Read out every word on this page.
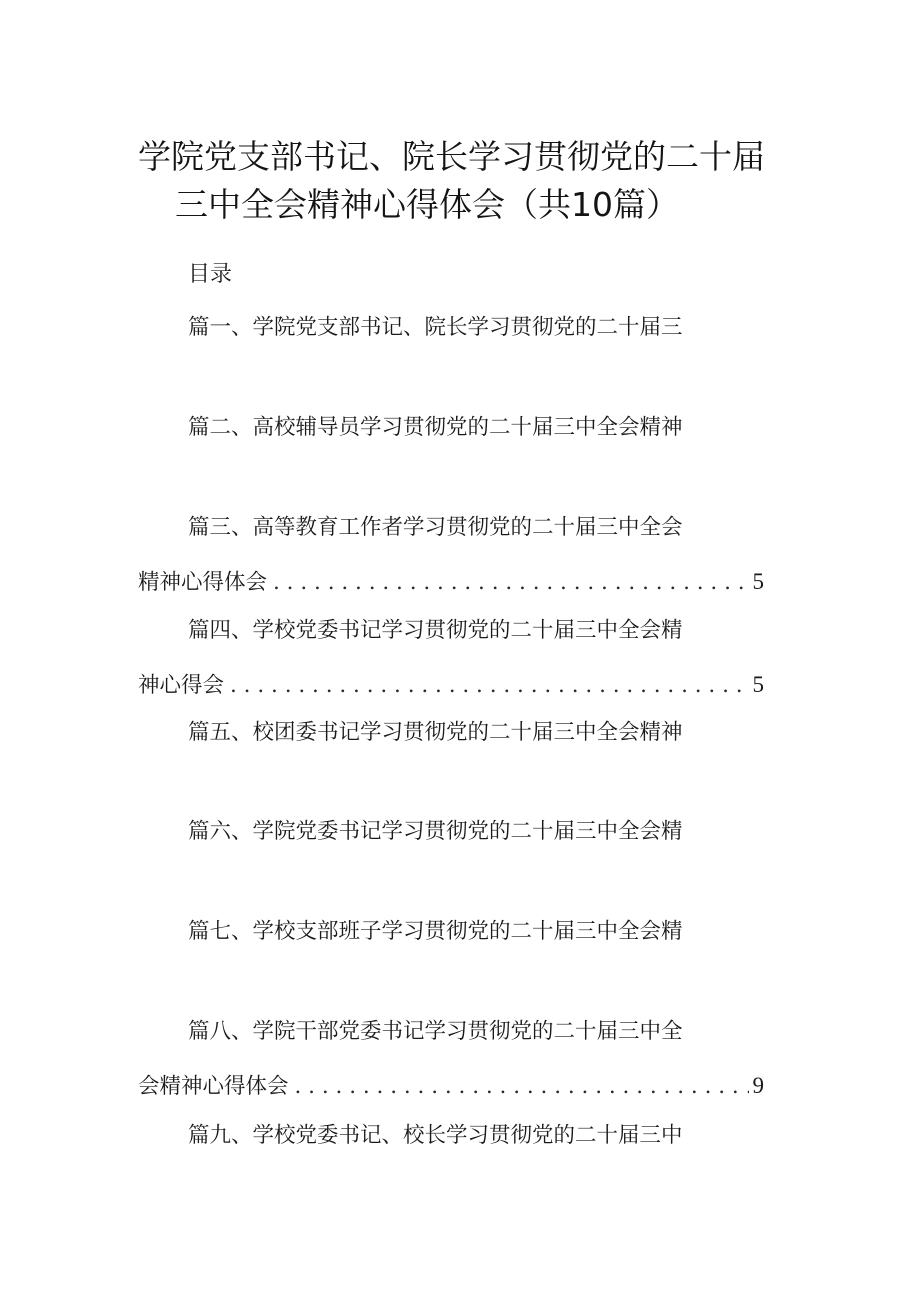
学院党支部书记、院长学习贯彻党的二十届
三中全会精神心得体会（共10篇）
目录
篇一、学院党支部书记、院长学习贯彻党的二十届三
篇二、高校辅导员学习贯彻党的二十届三中全会精神
篇三、高等教育工作者学习贯彻党的二十届三中全会
精神心得体会 . . .	5
篇四、学校党委书记学习贯彻党的二十届三中全会精
神心得会 . . .	5
篇五、校团委书记学习贯彻党的二十届三中全会精神
篇六、学院党委书记学习贯彻党的二十届三中全会精
篇七、学校支部班子学习贯彻党的二十届三中全会精
篇八、学院干部党委书记学习贯彻党的二十届三中全
会精神心得体会 . . .	9
篇九、学校党委书记、校长学习贯彻党的二十届三中
